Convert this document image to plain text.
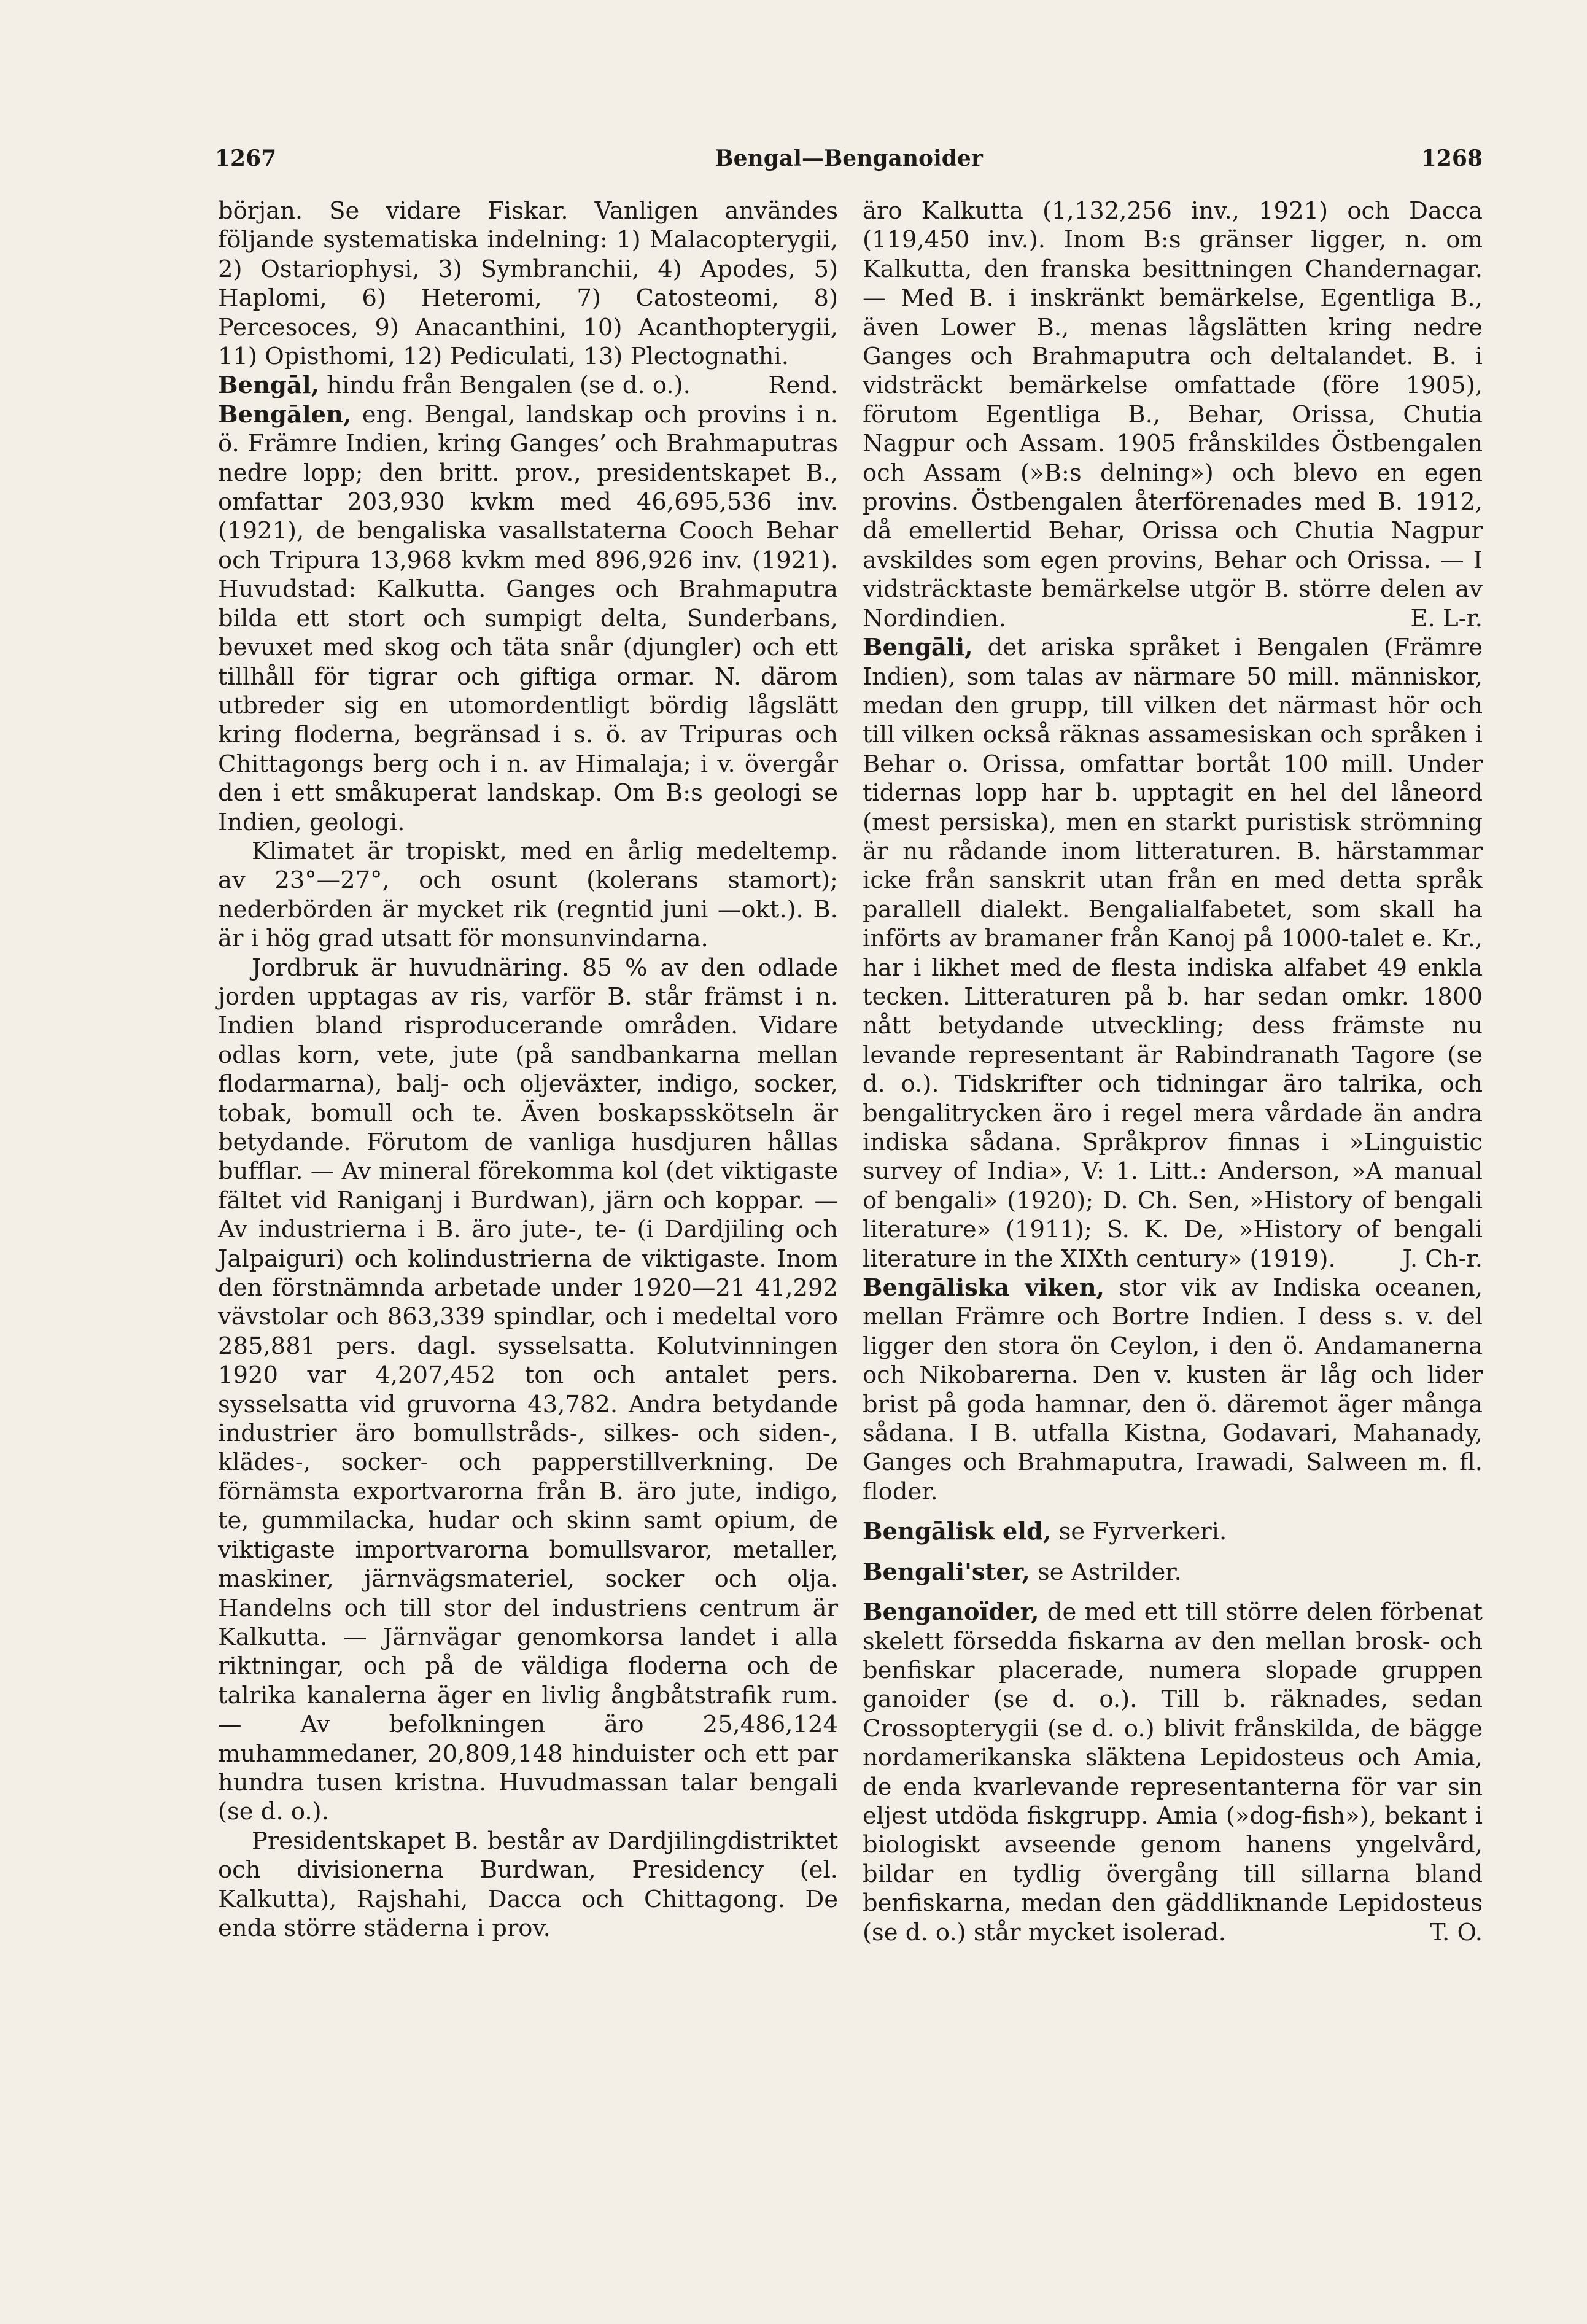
1267	Bengal—Benganoider	1268

början. Se vidare Fiskar. Vanligen användes följande systematiska indelning: 1) Malacopterygii, 2) Ostariophysi, 3) Symbranchii, 4) Apodes, 5) Haplomi, 6) Heteromi, 7) Catosteomi, 8) Percesoces, 9) Anacanthini, 10) Acanthopterygii, 11) Opisthomi, 12) Pediculati, 13) Plectognathi.
Rend.

Bengāl, hindu från Bengalen (se d. o.).

Bengālen, eng. Bengal, landskap och provins i n. ö. Främre Indien, kring Ganges’ och Brahmaputras nedre lopp; den britt. prov., presidentskapet B., omfattar 203,930 kvkm med 46,695,536 inv. (1921), de bengaliska vasallstaterna Cooch Behar och Tripura 13,968 kvkm med 896,926 inv. (1921). Huvudstad: Kalkutta. Ganges och Brahmaputra bilda ett stort och sumpigt delta, Sunderbans, bevuxet med skog och täta snår (djungler) och ett tillhåll för tigrar och giftiga ormar. N. därom utbreder sig en utomordentligt bördig lågslätt kring floderna, begränsad i s. ö. av Tripuras och Chittagongs berg och i n. av Himalaja; i v. övergår den i ett småkuperat landskap. Om B:s geologi se Indien, geologi.

Klimatet är tropiskt, med en årlig medeltemp. av 23°—27°, och osunt (kolerans stamort); nederbörden är mycket rik (regntid juni —okt.). B. är i hög grad utsatt för monsunvindarna.

Jordbruk är huvudnäring. 85 % av den odlade jorden upptagas av ris, varför B. står främst i n. Indien bland risproducerande områden. Vidare odlas korn, vete, jute (på sandbankarna mellan flodarmarna), balj- och oljeväxter, indigo, socker, tobak, bomull och te. Även boskapsskötseln är betydande. Förutom de vanliga husdjuren hållas bufflar. — Av mineral förekomma kol (det viktigaste fältet vid Raniganj i Burdwan), järn och koppar. — Av industrierna i B. äro jute-, te- (i Dardjiling och Jalpaiguri) och kolindustrierna de viktigaste. Inom den förstnämnda arbetade under 1920—21 41,292 vävstolar och 863,339 spindlar, och i medeltal voro 285,881 pers. dagl. sysselsatta. Kolutvinningen 1920 var 4,207,452 ton och antalet pers. sysselsatta vid gruvorna 43,782. Andra betydande industrier äro bomullstråds-, silkes- och siden-, klädes-, socker- och papperstillverkning. De förnämsta exportvarorna från B. äro jute, indigo, te, gummilacka, hudar och skinn samt opium, de viktigaste importvarorna bomullsvaror, metaller, maskiner, järnvägsmateriel, socker och olja. Handelns och till stor del industriens centrum är Kalkutta. — Järnvägar genomkorsa landet i alla riktningar, och på de väldiga floderna och de talrika kanalerna äger en livlig ångbåtstrafik rum. — Av befolkningen äro 25,486,124 muhammedaner, 20,809,148 hinduister och ett par hundra tusen kristna. Huvudmassan talar bengali (se d. o.).

Presidentskapet B. består av Dardjilingdistriktet och divisionerna Burdwan, Presidency (el. Kalkutta), Rajshahi, Dacca och Chittagong. De enda större städerna i prov.

äro Kalkutta (1,132,256 inv., 1921) och Dacca (119,450 inv.). Inom B:s gränser ligger, n. om Kalkutta, den franska besittningen Chandernagar. — Med B. i inskränkt bemärkelse, Egentliga B., även Lower B., menas lågslätten kring nedre Ganges och Brahmaputra och deltalandet. B. i vidsträckt bemärkelse omfattade (före 1905), förutom Egentliga B., Behar, Orissa, Chutia Nagpur och Assam. 1905 frånskildes Östbengalen och Assam (»B:s delning») och blevo en egen provins. Östbengalen återförenades med B. 1912, då emellertid Behar, Orissa och Chutia Nagpur avskildes som egen provins, Behar och Orissa. — I vidsträcktaste bemärkelse utgör B. större delen av Nordindien.	E. L-r.

Bengāli, det ariska språket i Bengalen (Främre Indien), som talas av närmare 50 mill. människor, medan den grupp, till vilken det närmast hör och till vilken också räknas assamesiskan och språken i Behar o. Orissa, omfattar bortåt 100 mill. Under tidernas lopp har b. upptagit en hel del låneord (mest persiska), men en starkt puristisk strömning är nu rådande inom litteraturen. B. härstammar icke från sanskrit utan från en med detta språk parallell dialekt. Bengalialfabetet, som skall ha införts av bramaner från Kanoj på 1000-talet e. Kr., har i likhet med de flesta indiska alfabet 49 enkla tecken. Litteraturen på b. har sedan omkr. 1800 nått betydande utveckling; dess främste nu levande representant är Rabindranath Tagore (se d. o.). Tidskrifter och tidningar äro talrika, och bengalitrycken äro i regel mera vårdade än andra indiska sådana. Språkprov finnas i »Linguistic survey of India», V: 1. Litt.: Anderson, »A manual of bengali» (1920); D. Ch. Sen, »History of bengali literature» (1911); S. K. De, »History of bengali literature in the XIXth century» (1919).	J. Ch-r.

Bengāliska viken, stor vik av Indiska oceanen, mellan Främre och Bortre Indien. I dess s. v. del ligger den stora ön Ceylon, i den ö. Andamanerna och Nikobarerna. Den v. kusten är låg och lider brist på goda hamnar, den ö. däremot äger många sådana. I B. utfalla Kistna, Godavari, Mahanady, Ganges och Brahmaputra, Irawadi, Salween m. fl. floder.

Bengālisk eld, se Fyrverkeri.

Bengali'ster, se Astrilder.

Benganoïder, de med ett till större delen förbenat skelett försedda fiskarna av den mellan brosk- och benfiskar placerade, numera slopade gruppen ganoider (se d. o.). Till b. räknades, sedan Crossopterygii (se d. o.) blivit frånskilda, de bägge nordamerikanska släktena Lepidosteus och Amia, de enda kvarlevande representanterna för var sin eljest utdöda fiskgrupp. Amia (»dog-fish»), bekant i biologiskt avseende genom hanens yngelvård, bildar en tydlig övergång till sillarna bland benfiskarna, medan den gäddliknande Lepidosteus (se d. o.) står mycket isolerad.	T. O.
